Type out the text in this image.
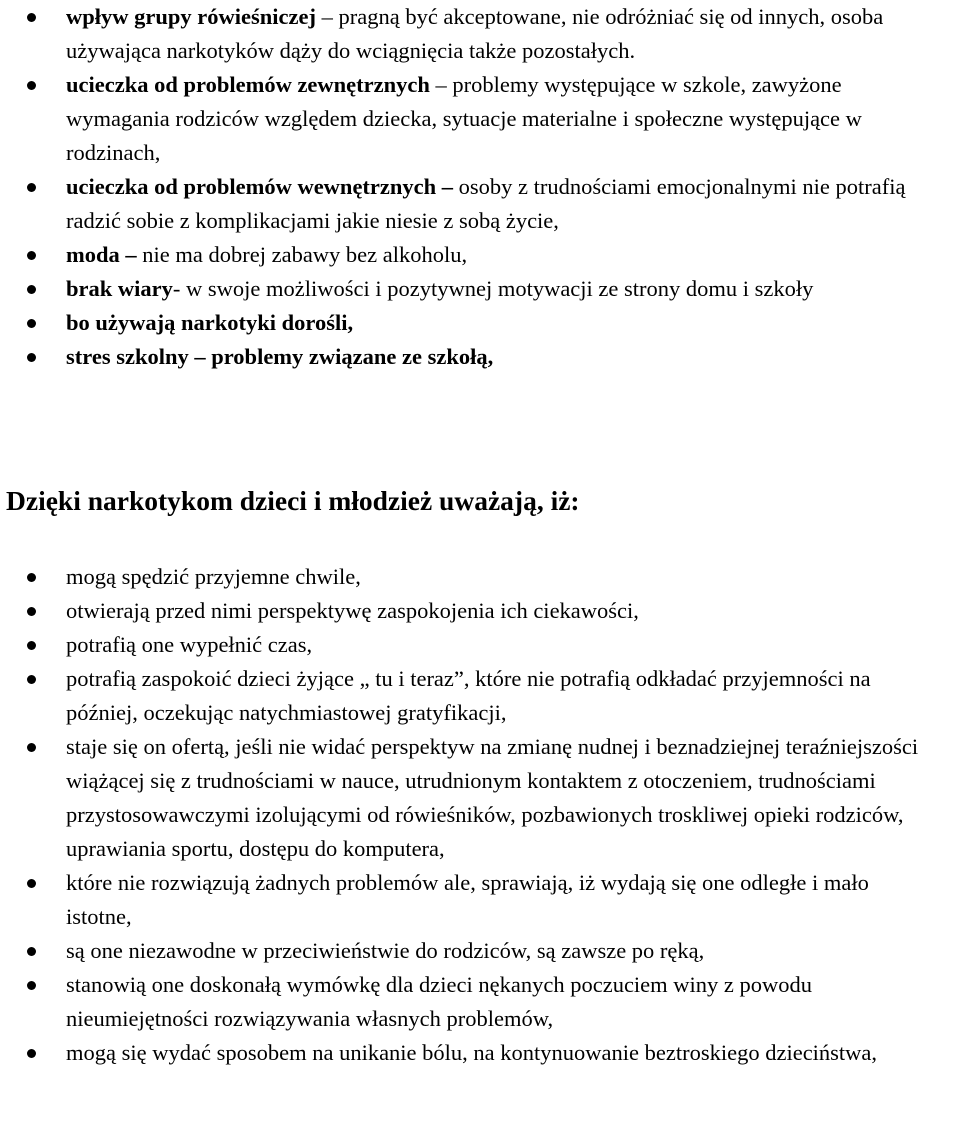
wpływ grupy rówieśniczej – pragną być akceptowane, nie odróżniać się od innych, osoba używająca narkotyków dąży do wciągnięcia także pozostałych.
ucieczka od problemów zewnętrznych – problemy występujące w szkole, zawyżone wymagania rodziców względem dziecka, sytuacje materialne i społeczne występujące w rodzinach,
ucieczka od problemów wewnętrznych – osoby z trudnościami emocjonalnymi nie potrafią radzić sobie z komplikacjami jakie niesie z sobą życie,
moda – nie ma dobrej zabawy bez alkoholu,
brak wiary- w swoje możliwości i pozytywnej motywacji ze strony domu i szkoły
bo używają narkotyki dorośli,
stres szkolny – problemy związane ze szkołą,
Dzięki narkotykom dzieci i młodzież uważają, iż:
mogą spędzić przyjemne chwile,
otwierają przed nimi perspektywę zaspokojenia ich ciekawości,
potrafią one wypełnić czas,
potrafią zaspokoić dzieci żyjące „ tu i teraz”, które nie potrafią odkładać przyjemności na później, oczekując natychmiastowej gratyfikacji,
staje się on ofertą, jeśli nie widać perspektyw na zmianę nudnej i beznadziejnej teraźniejszości wiążącej się z trudnościami w nauce, utrudnionym kontaktem z otoczeniem, trudnościami przystosowawczymi izolującymi od rówieśników, pozbawionych troskliwej opieki rodziców, uprawiania sportu, dostępu do komputera,
które nie rozwiązują żadnych problemów ale, sprawiają, iż wydają się one odległe i mało istotne,
są one niezawodne w przeciwieństwie do rodziców, są zawsze po ręką,
stanowią one doskonałą wymówkę dla dzieci nękanych poczuciem winy z powodu nieumiejętności rozwiązywania własnych problemów,
mogą się wydać sposobem na unikanie bólu, na kontynuowanie beztroskiego dzieciństwa,
